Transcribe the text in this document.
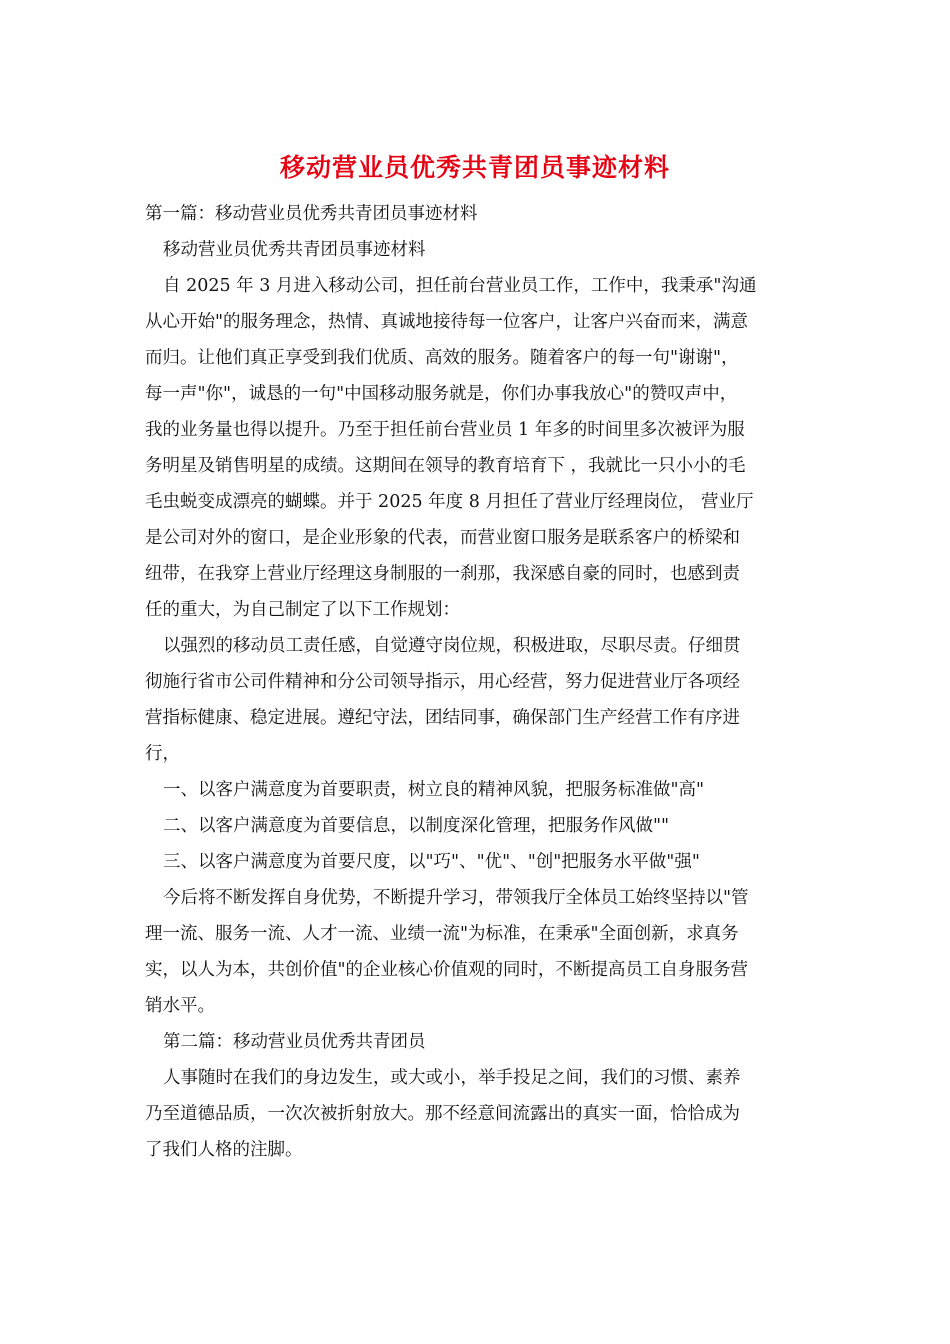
移动营业员优秀共青团员事迹材料

第一篇：移动营业员优秀共青团员事迹材料

移动营业员优秀共青团员事迹材料

自 2025 年 3 月进入移动公司，担任前台营业员工作，工作中，我秉承"沟通

从心开始"的服务理念，热情、真诚地接待每一位客户，让客户兴奋而来，满意

而归。让他们真正享受到我们优质、高效的服务。随着客户的每一句"谢谢"，

每一声"你"，诚恳的一句"中国移动服务就是，你们办事我放心"的赞叹声中，

我的业务量也得以提升。乃至于担任前台营业员 1 年多的时间里多次被评为服

务明星及销售明星的成绩。这期间在领导的教育培育下 ，我就比一只小小的毛

毛虫蜕变成漂亮的蝴蝶。并于 2025 年度 8 月担任了营业厅经理岗位， 营业厅

是公司对外的窗口，是企业形象的代表，而营业窗口服务是联系客户的桥梁和

纽带，在我穿上营业厅经理这身制服的一刹那，我深感自豪的同时，也感到责

任的重大，为自己制定了以下工作规划：

以强烈的移动员工责任感，自觉遵守岗位规，积极进取，尽职尽责。仔细贯

彻施行省市公司件精神和分公司领导指示，用心经营，努力促进营业厅各项经

营指标健康、稳定进展。遵纪守法，团结同事，确保部门生产经营工作有序进

行，

一、以客户满意度为首要职责，树立良的精神风貌，把服务标准做"高"

二、以客户满意度为首要信息，以制度深化管理，把服务作风做""

三、以客户满意度为首要尺度，以"巧"、"优"、"创"把服务水平做"强"

今后将不断发挥自身优势，不断提升学习，带领我厅全体员工始终坚持以"管

理一流、服务一流、人才一流、业绩一流"为标准，在秉承"全面创新，求真务

实，以人为本，共创价值"的企业核心价值观的同时，不断提高员工自身服务营

销水平。

第二篇：移动营业员优秀共青团员

人事随时在我们的身边发生，或大或小，举手投足之间，我们的习惯、素养

乃至道德品质，一次次被折射放大。那不经意间流露出的真实一面，恰恰成为

了我们人格的注脚。
